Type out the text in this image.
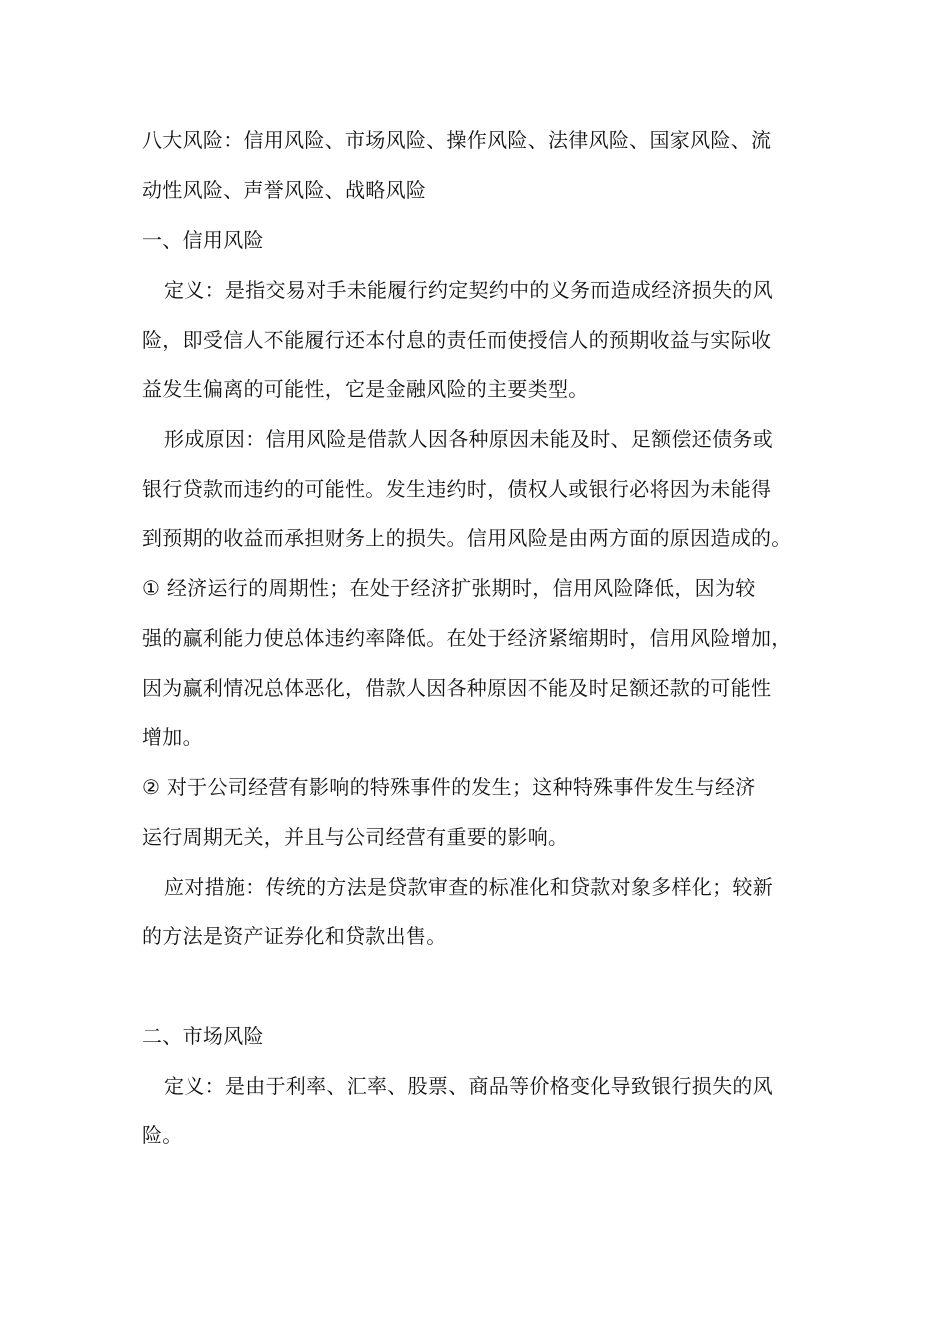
八大风险：信用风险、市场风险、操作风险、法律风险、国家风险、流
动性风险、声誉风险、战略风险
一、信用风险
定义：是指交易对手未能履行约定契约中的义务而造成经济损失的风
险，即受信人不能履行还本付息的责任而使授信人的预期收益与实际收
益发生偏离的可能性，它是金融风险的主要类型。
形成原因：信用风险是借款人因各种原因未能及时、足额偿还债务或
银行贷款而违约的可能性。发生违约时，债权人或银行必将因为未能得
到预期的收益而承担财务上的损失。信用风险是由两方面的原因造成的。
① 经济运行的周期性；在处于经济扩张期时，信用风险降低，因为较
强的赢利能力使总体违约率降低。在处于经济紧缩期时，信用风险增加，
因为赢利情况总体恶化，借款人因各种原因不能及时足额还款的可能性
增加。
② 对于公司经营有影响的特殊事件的发生；这种特殊事件发生与经济
运行周期无关，并且与公司经营有重要的影响。
应对措施：传统的方法是贷款审查的标准化和贷款对象多样化；较新
的方法是资产证券化和贷款出售。
二、市场风险
定义：是由于利率、汇率、股票、商品等价格变化导致银行损失的风
险。
